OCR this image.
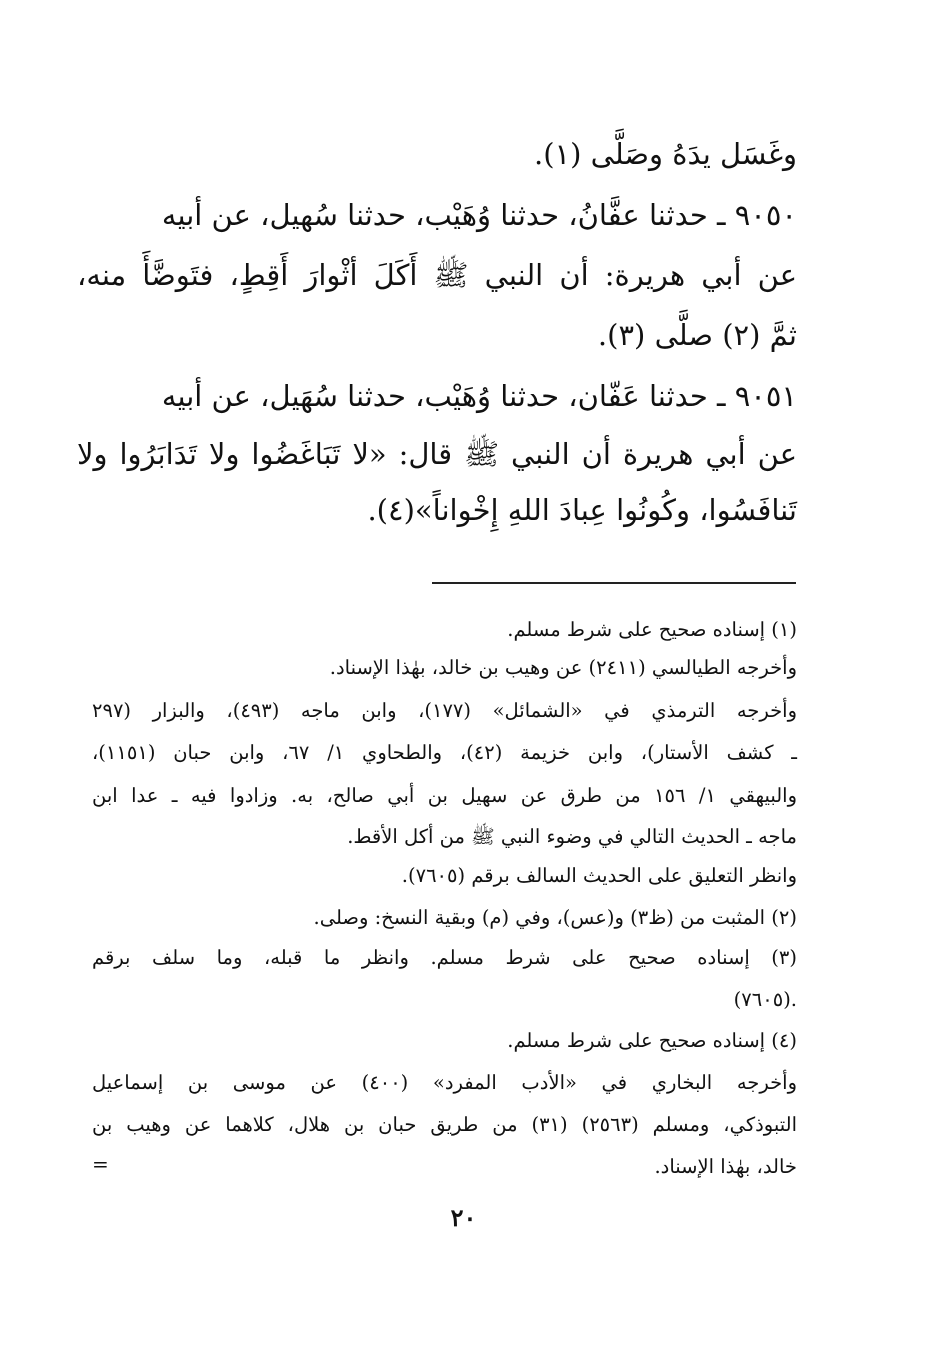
وغَسَل يدَهُ وصَلَّى (١).
٩٠٥٠ ـ حدثنا عفَّانُ، حدثنا وُهَيْب، حدثنا سُهيل، عن أبيه
عن أبي هريرة: أن النبي ﷺ أَكَلَ أثْوارَ أَقِطٍ، فتَوضَّأَ منه،
ثمَّ (٢) صلَّى (٣).
٩٠٥١ ـ حدثنا عَفّان، حدثنا وُهَيْب، حدثنا سُهَيل، عن أبيه
عن أبي هريرة أن النبي ﷺ قال: «لا تَبَاغَضُوا ولا تَدَابَرُوا ولا
تَنافَسُوا، وكُونُوا عِبادَ اللهِ إِخْواناً»(٤).
(١) إسناده صحيح على شرط مسلم.
وأخرجه الطيالسي (٢٤١١) عن وهيب بن خالد، بهٰذا الإسناد.
وأخرجه الترمذي في «الشمائل» (١٧٧)، وابن ماجه (٤٩٣)، والبزار (٢٩٧
ـ كشف الأستار)، وابن خزيمة (٤٢)، والطحاوي ١/ ٦٧، وابن حبان (١١٥١)،
والبيهقي ١/ ١٥٦ من طرق عن سهيل بن أبي صالح، به. وزادوا فيه ـ عدا ابن
ماجه ـ الحديث التالي في وضوء النبي ﷺ من أكل الأقط.
وانظر التعليق على الحديث السالف برقم (٧٦٠٥).
(٢) المثبت من (ظ٣) و(عس)، وفي (م) وبقية النسخ: وصلى.
(٣) إسناده صحيح على شرط مسلم. وانظر ما قبله، وما سلف برقم
(٧٦٠٥).
(٤) إسناده صحيح على شرط مسلم.
وأخرجه البخاري في «الأدب المفرد» (٤٠٠) عن موسى بن إسماعيل
التبوذكي، ومسلم (٢٥٦٣) (٣١) من طريق حبان بن هلال، كلاهما عن وهيب بن
خالد، بهٰذا الإسناد.
=
٢٠
